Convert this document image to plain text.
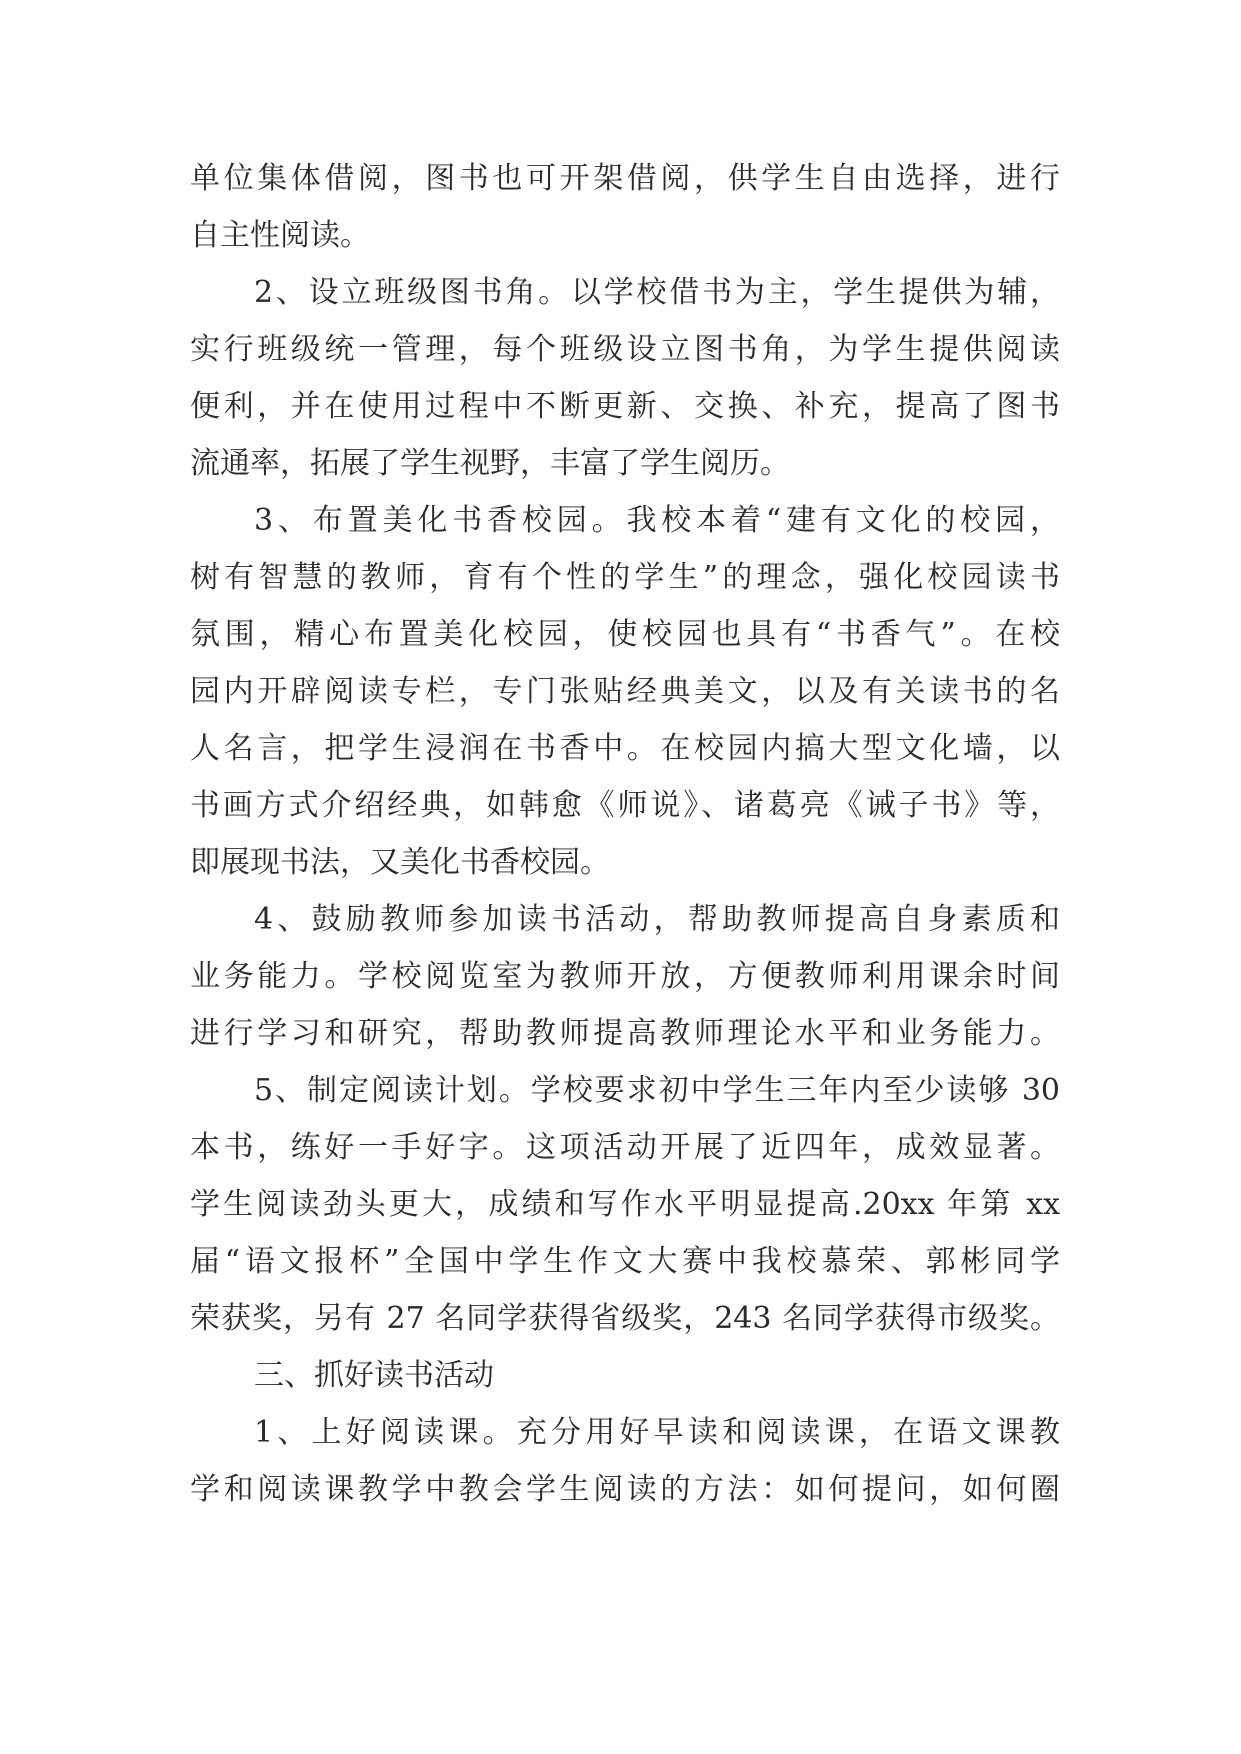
单位集体借阅，图书也可开架借阅，供学生自由选择，进行
自主性阅读。
2、设立班级图书角。以学校借书为主，学生提供为辅，
实行班级统一管理，每个班级设立图书角，为学生提供阅读
便利，并在使用过程中不断更新、交换、补充，提高了图书
流通率，拓展了学生视野，丰富了学生阅历。
3、布置美化书香校园。我校本着“建有文化的校园，
树有智慧的教师，育有个性的学生”的理念，强化校园读书
氛围，精心布置美化校园，使校园也具有“书香气”。在校
园内开辟阅读专栏，专门张贴经典美文，以及有关读书的名
人名言，把学生浸润在书香中。在校园内搞大型文化墙，以
书画方式介绍经典，如韩愈《师说》、诸葛亮《诫子书》等，
即展现书法，又美化书香校园。
4、鼓励教师参加读书活动，帮助教师提高自身素质和
业务能力。学校阅览室为教师开放，方便教师利用课余时间
进行学习和研究，帮助教师提高教师理论水平和业务能力。
5、制定阅读计划。学校要求初中学生三年内至少读够 30
本书，练好一手好字。这项活动开展了近四年，成效显著。
学生阅读劲头更大，成绩和写作水平明显提高.20xx 年第 xx
届“语文报杯”全国中学生作文大赛中我校慕荣、郭彬同学
荣获奖，另有 27 名同学获得省级奖，243 名同学获得市级奖。
三、抓好读书活动
1、上好阅读课。充分用好早读和阅读课，在语文课教
学和阅读课教学中教会学生阅读的方法：如何提问，如何圈
